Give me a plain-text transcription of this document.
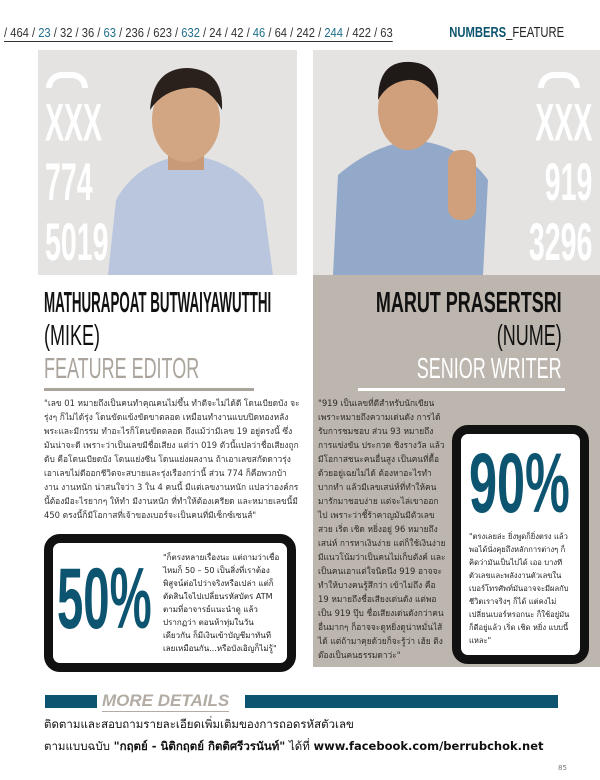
/ 464 / 23 / 32 / 36 / 63 / 236 / 623 / 632 / 24 / 42 / 46 / 64 / 242 / 244 / 422 / 63	NUMBERS_FEATURE
XXX
774
5019
XXX
919
3296
MATHURAPOAT BUTWAIYAWUTTHI
(MIKE)
FEATURE EDITOR
"เลข 01 หมายถึงเป็นคนทำคุณคนไม่ขึ้น ทำดีจะไม่ได้ดี โดนเบียดบัง จะรุ่งๆ ก็ไม่ได้รุ่ง โดนขัดแข้งขัดขาตลอด เหมือนทำงานแบบปิดทองหลังพระและมีกรรม ทำอะไรก็โดนขัดตลอด ถึงแม้ว่ามีเลข 19 อยู่ตรงนี้ ซึ่งมันน่าจะดี เพราะว่าเป็นเลขมีชื่อเสียง แต่ว่า 019 ตัวนี้แปลว่าชื่อเสียงถูกดับ คือโดนเบียดบัง โดนแย่งซีน โดนแย่งผลงาน ถ้าเอาเลขสกัดดาวรุ่ง เอาเลขไม่ดีออกชีวิตจะสบายและรุ่งเรืองกว่านี้ ส่วน 774 ก็คือพวกบ้างาน งานหนัก น่าสนใจว่า 3 ใน 4 คนนี้ มีแต่เลขงานหนัก แปลว่าองค์กรนี้ต้องมีอะไรยากๆ ให้ทำ มีงานหนัก ที่ทำให้ต้องเครียด และหมายเลขนี้มี 450 ตรงนี้ก็มีโอกาสที่เจ้าของเบอร์จะเป็นคนที่มีเซ็กซ์เซนส์"
50%	"ก็ตรงหลายเรื่องนะ แต่ถามว่าเชื่อไหมก็ 50 – 50 เป็นสิ่งที่เราต้องพิสูจน์ต่อไปว่าจริงหรือเปล่า แต่ก็ตัดสินใจไปเปลี่ยนรหัสบัตร ATM ตามที่อาจารย์แนะนำดู แล้วปรากฏว่า ตอนห้าทุ่มในวันเดียวกัน ก็มีเงินเข้าบัญชีมาทันทีเลยเหมือนกัน...หรือบังเอิญก็ไม่รู้"
MARUT PRASERTSRI
(NUME)
SENIOR WRITER
"919 เป็นเลขที่ดีสำหรับนักเขียน เพราะหมายถึงความเด่นดัง การได้รับการชมชอบ ส่วน 93 หมายถึงการแข่งขัน ประกวด ชิงรางวัล แล้วมีโอกาสชนะคนอื่นสูง เป็นคนที่ดื้อด้วยอยู่เฉยไม่ได้ ต้องหาอะไรทำบากทำ แล้วมีเลขเสน่ห์ที่ทำให้คนมารักมาชอบง่าย แต่จะไล่เขาออกไป เพราะว่าชี้ร้าคาญมันมีตัวเลขสวย เริ่ด เชิด หยิ่งอยู่ 96 หมายถึงเสน่ห์ การหาเงินง่าย แต่ก็ใช้เงินง่าย มีแนวโน้มว่าเป็นคนไม่เก็บตังค์ และเป็นคนเอาแต่ใจนิดนึง 919 อาจจะทำให้บางคนรู้สึกว่า เข้าไม่ถึง คือ 19 หมายถึงชื่อเสียงเด่นดัง แต่พอเป็น 919 ปุ๊บ ชื่อเสียงเด่นดังกว่าคนอื่นมากๆ ก็อาจจะดูหยิ่งดูน่าหมั่นไส้ได้ แต่ถ้ามาคุยด้วยก็จะรู้ว่า เฮ้ย ติงต๊องเป็นคนธรรมดาว่ะ"
90%
"ตรงเลยล่ะ ยิ่งพูดก็ยิ่งตรง แล้วพอได้นั่งคุยถึงหลักการต่างๆ ก็คิดว่ามันเป็นไปได้ เออ บางทีตัวเลขและพลังงานตัวเลขในเบอร์โทรศัพท์มันอาจจะมีผลกับชีวิตเราจริงๆ ก็ได้ แต่คงไม่เปลี่ยนเบอร์หรอกนะ ก็ใช้อยู่มันก็ดีอยู่แล้ว เริ่ด เชิด หยิ่ง แบบนี้แหละ"
MORE DETAILS
ติดตามและสอบถามรายละเอียดเพิ่มเติมของการถอดรหัสตัวเลข
ตามแบบฉบับ "กฤตย์ - นิติกฤตย์ กิตติศรีวรนันท์" ได้ที่ www.facebook.com/berrubchok.net
85
